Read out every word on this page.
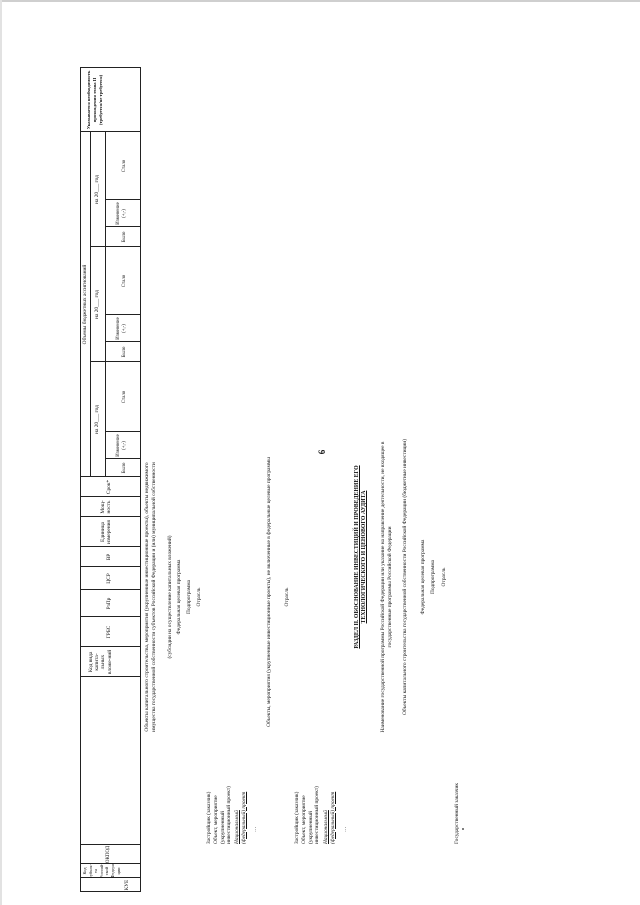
6
КУЕ
Код субъек-та Россий-ской Федера-ции
ОКПОД
Код вида капита-льных вложе-ний
ГРБС
РзПр
ЦСР
ВР
Единица измерения
Мощ-ность
Срок*
Объемы бюджетных ассигнований
на 20___ год
на 20___ год
на 20___ год
Было
Изменение (+,-)
Стало
Было
Изменение (+,-)
Стало
Было
Изменение (+,-)
Стало
Указывается необходимость прохождения этапа II (требуется/не требуется)
Объекты капитального строительства, мероприятия (укрупненные инвестиционные проекты), объекты недвижимого имущества государственной собственности субъектов Российской Федерации и (или) муниципальной собственности (субсидии на осуществление капитальных вложений) Федеральная целевая программа Подпрограмма Отрасль
Застройщик (заказчик) Объект, мероприятие (укрупненный инвестиционный проект) Национальный (федеральный) проект …
Объекты, мероприятия (укрупненные инвестиционные проекты), не включенные в федеральные целевые программы Отрасль
Застройщик (заказчик) Объект, мероприятие (укрупненный инвестиционный проект) Национальный (федеральный) проект …
РАЗДЕЛ II. ОБОСНОВАНИЕ ИНВЕСТИЦИЙ И ПРОВЕДЕНИЕ ЕГО ТЕХНОЛОГИЧЕСКОГО И ЦЕНОВОГО АУДИТА Наименование государственной программы Российской Федерации или указание на направление деятельности, не входящее в государственные программы Российской Федерации Объекты капитального строительства государственной собственности Российской Федерации (бюджетные инвестиции) Федеральная целевая программа Подпрограмма Отрасль
Государственный заказчик
